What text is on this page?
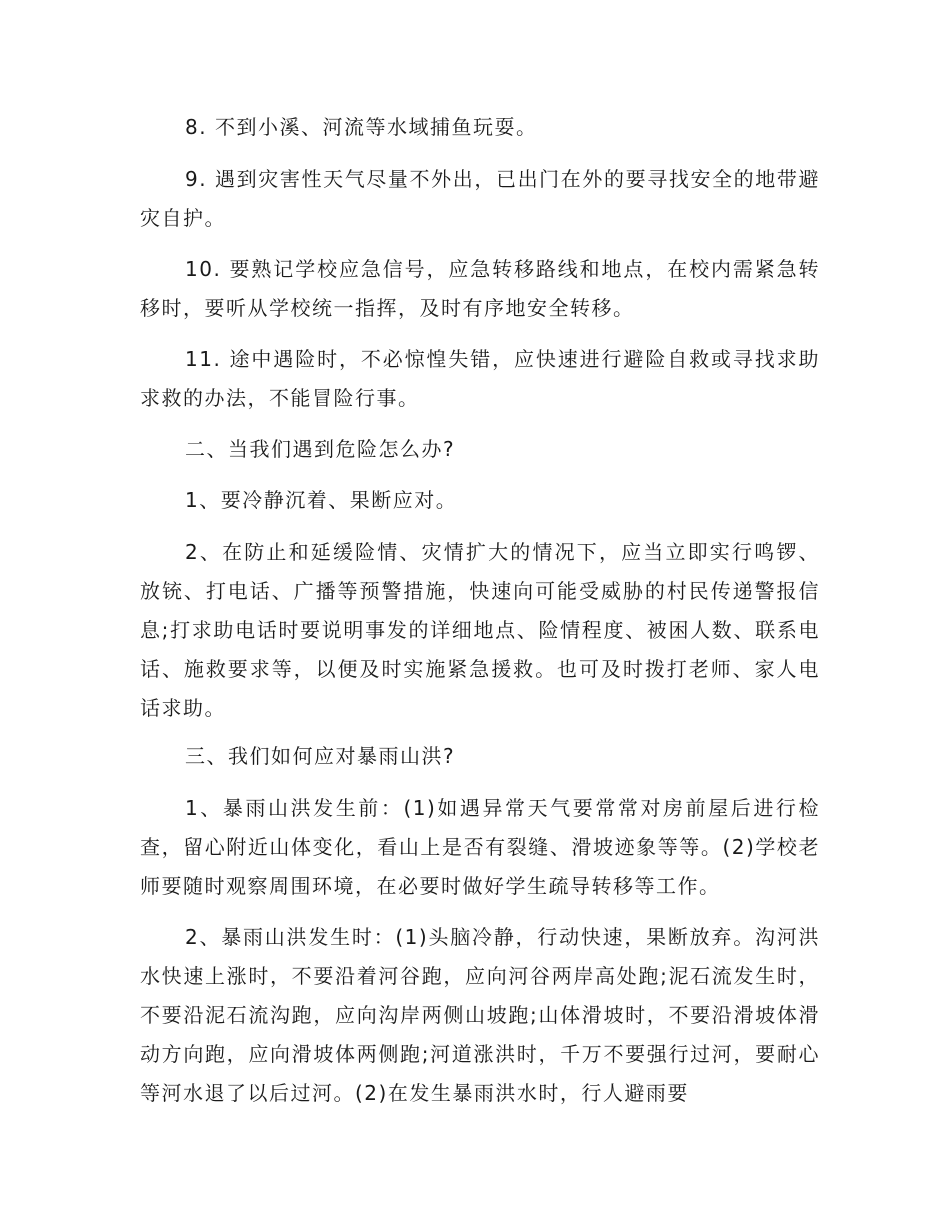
8. 不到小溪、河流等水域捕鱼玩耍。

9. 遇到灾害性天气尽量不外出，已出门在外的要寻找安全的地带避灾自护。

10. 要熟记学校应急信号，应急转移路线和地点，在校内需紧急转移时，要听从学校统一指挥，及时有序地安全转移。

11. 途中遇险时，不必惊惶失错，应快速进行避险自救或寻找求助求救的办法，不能冒险行事。

二、当我们遇到危险怎么办?

1、要冷静沉着、果断应对。

2、在防止和延缓险情、灾情扩大的情况下，应当立即实行鸣锣、放铳、打电话、广播等预警措施，快速向可能受威胁的村民传递警报信息;打求助电话时要说明事发的详细地点、险情程度、被困人数、联系电话、施救要求等，以便及时实施紧急援救。也可及时拨打老师、家人电话求助。

三、我们如何应对暴雨山洪?

1、暴雨山洪发生前：(1)如遇异常天气要常常对房前屋后进行检查，留心附近山体变化，看山上是否有裂缝、滑坡迹象等等。(2)学校老师要随时观察周围环境，在必要时做好学生疏导转移等工作。

2、暴雨山洪发生时：(1)头脑冷静，行动快速，果断放弃。沟河洪水快速上涨时，不要沿着河谷跑，应向河谷两岸高处跑;泥石流发生时，不要沿泥石流沟跑，应向沟岸两侧山坡跑;山体滑坡时，不要沿滑坡体滑动方向跑，应向滑坡体两侧跑;河道涨洪时，千万不要强行过河，要耐心等河水退了以后过河。(2)在发生暴雨洪水时，行人避雨要
